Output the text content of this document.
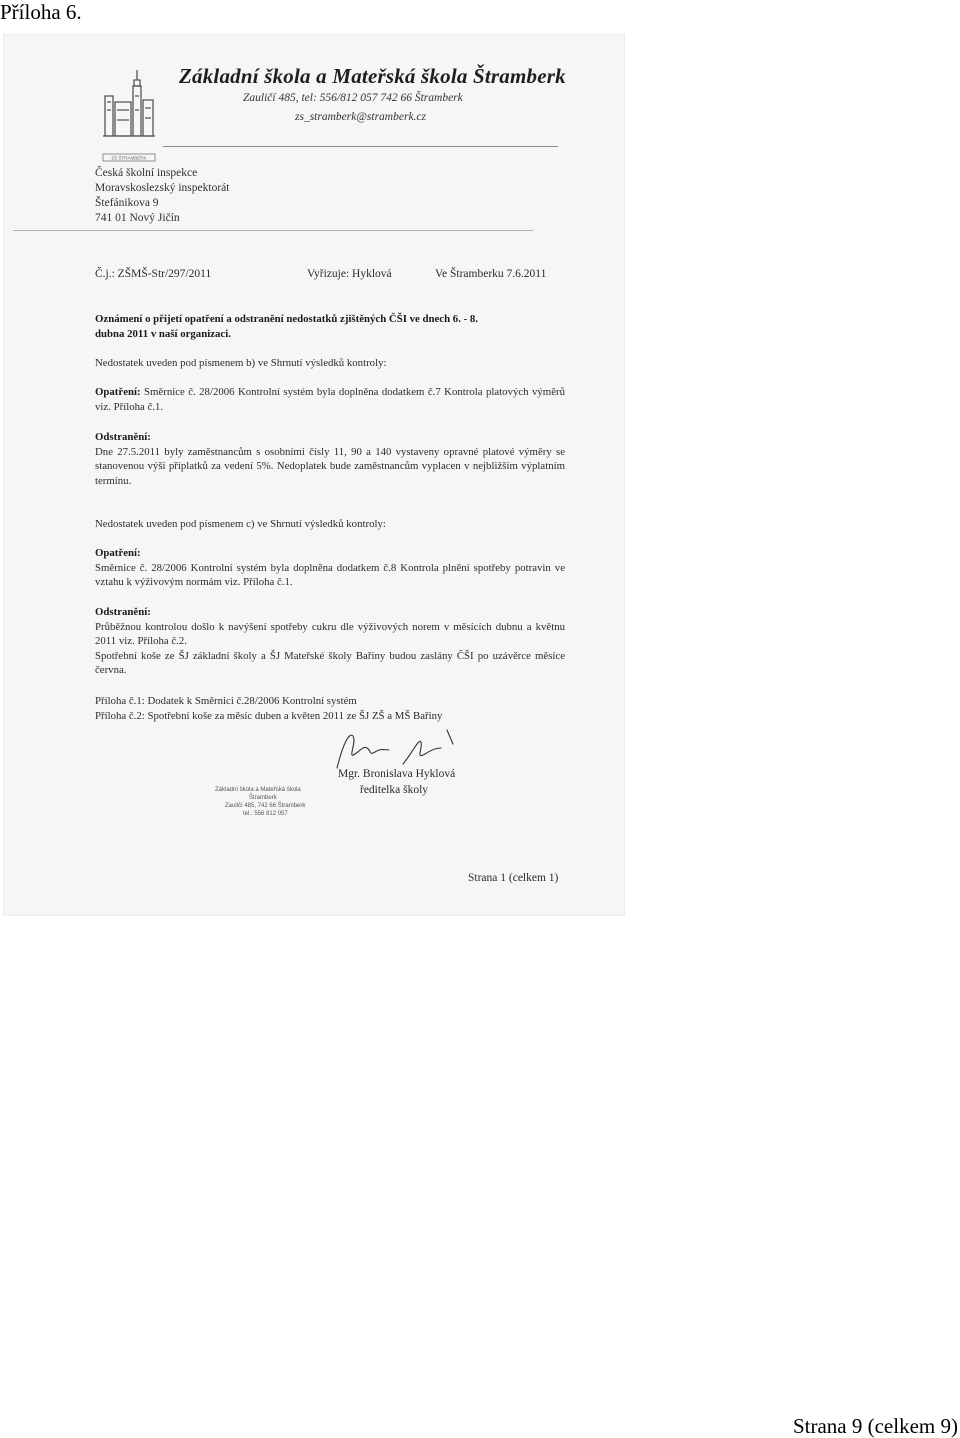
Příloha 6.
ZŠ ŠTRAMBERK
Základní škola a Mateřská škola Štramberk
Zauličí 485, tel: 556/812 057 742 66 Štramberk
zs_stramberk@stramberk.cz
Česká školní inspekce
Moravskoslezský inspektorát
Štefánikova 9
741 01 Nový Jičín
Č.j.: ZŠMŠ-Str/297/2011	Vyřizuje: Hyklová	Ve Štramberku 7.6.2011

Oznámení o přijetí opatření a odstranění nedostatků zjištěných ČŠI ve dnech 6. - 8.

dubna 2011 v naší organizaci.

Nedostatek uveden pod písmenem b) ve Shrnutí výsledků kontroly:

Opatření: Směrnice č. 28/2006 Kontrolní systém byla doplněna dodatkem č.7 Kontrola platových výměrů viz. Příloha č.1.

Odstranění:

Dne 27.5.2011 byly zaměstnancům s osobními čísly 11, 90 a 140 vystaveny opravné platové výměry se stanovenou výši příplatků za vedení 5%. Nedoplatek bude zaměstnancům vyplacen v nejbližším výplatním termínu.

Nedostatek uveden pod písmenem c) ve Shrnutí výsledků kontroly:

Opatření:

Směrnice č. 28/2006 Kontrolní systém byla doplněna dodatkem č.8 Kontrola plnění spotřeby potravin ve vztahu k výživovým normám viz. Příloha č.1.

Odstranění:

Průběžnou kontrolou došlo k navýšení spotřeby cukru dle výživových norem v měsících dubnu a květnu 2011 viz. Příloha č.2.

Spotřební koše ze ŠJ základní školy a ŠJ Mateřské školy Bařiny budou zaslány ČŠI po uzávěrce měsíce června.

Příloha č.1: Dodatek k Směrnici č.28/2006 Kontrolní systém

Příloha č.2: Spotřební koše za měsíc duben a květen 2011 ze ŠJ ZŠ a MŠ Bařiny

Základní škola a Mateřská škola
Štramberk
Zauličí 485, 742 66 Štramberk
tel.: 556 812 057
Mgr. Bronislava Hyklová
ředitelka školy
Strana 1 (celkem 1)
Strana 9 (celkem 9)
